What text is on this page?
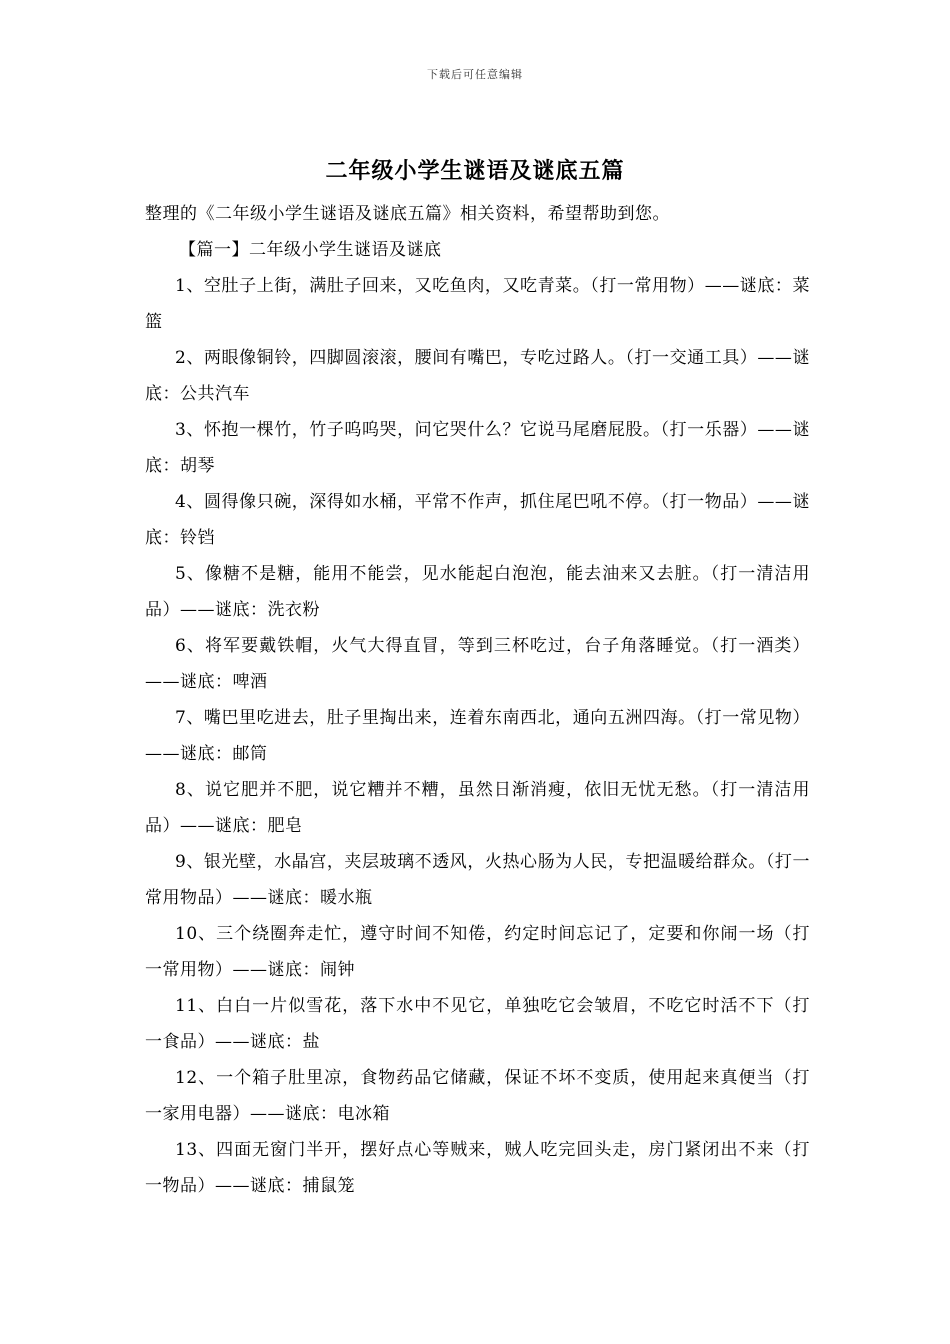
下载后可任意编辑
二年级小学生谜语及谜底五篇

整理的《二年级小学生谜语及谜底五篇》相关资料，希望帮助到您。

【篇一】二年级小学生谜语及谜底

1、空肚子上街，满肚子回来，又吃鱼肉，又吃青菜。（打一常用物）——谜底：菜篮

2、两眼像铜铃，四脚圆滚滚，腰间有嘴巴，专吃过路人。（打一交通工具）——谜底：公共汽车

3、怀抱一棵竹，竹子呜呜哭，问它哭什么？它说马尾磨屁股。（打一乐器）——谜底：胡琴

4、圆得像只碗，深得如水桶，平常不作声，抓住尾巴吼不停。（打一物品）——谜底：铃铛

5、像糖不是糖，能用不能尝，见水能起白泡泡，能去油来又去脏。（打一清洁用品）——谜底：洗衣粉

6、将军要戴铁帽，火气大得直冒，等到三杯吃过，台子角落睡觉。（打一酒类）——谜底：啤酒

7、嘴巴里吃进去，肚子里掏出来，连着东南西北，通向五洲四海。（打一常见物）——谜底：邮筒

8、说它肥并不肥，说它糟并不糟，虽然日渐消瘦，依旧无忧无愁。（打一清洁用品）——谜底：肥皂

9、银光壁，水晶宫，夹层玻璃不透风，火热心肠为人民，专把温暖给群众。（打一常用物品）——谜底：暖水瓶

10、三个绕圈奔走忙，遵守时间不知倦，约定时间忘记了，定要和你闹一场（打一常用物）——谜底：闹钟

11、白白一片似雪花，落下水中不见它，单独吃它会皱眉，不吃它时活不下（打一食品）——谜底：盐

12、一个箱子肚里凉，食物药品它储藏，保证不坏不变质，使用起来真便当（打一家用电器）——谜底：电冰箱

13、四面无窗门半开，摆好点心等贼来，贼人吃完回头走，房门紧闭出不来（打一物品）——谜底：捕鼠笼
